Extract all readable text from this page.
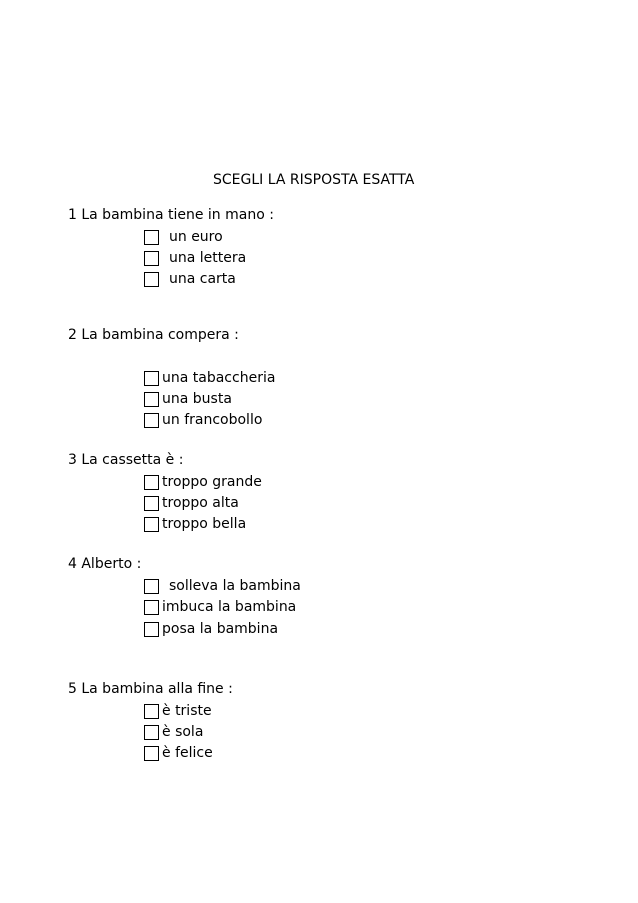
SCEGLI LA RISPOSTA ESATTA
1 La bambina tiene in mano :
un euro
una lettera
una carta
2 La bambina compera :
una tabaccheria
una busta
un francobollo
3 La cassetta è :
troppo grande
troppo alta
troppo bella
4 Alberto :
solleva la bambina
imbuca la bambina
posa la bambina
5 La bambina alla fine :
è triste
è sola
è felice
